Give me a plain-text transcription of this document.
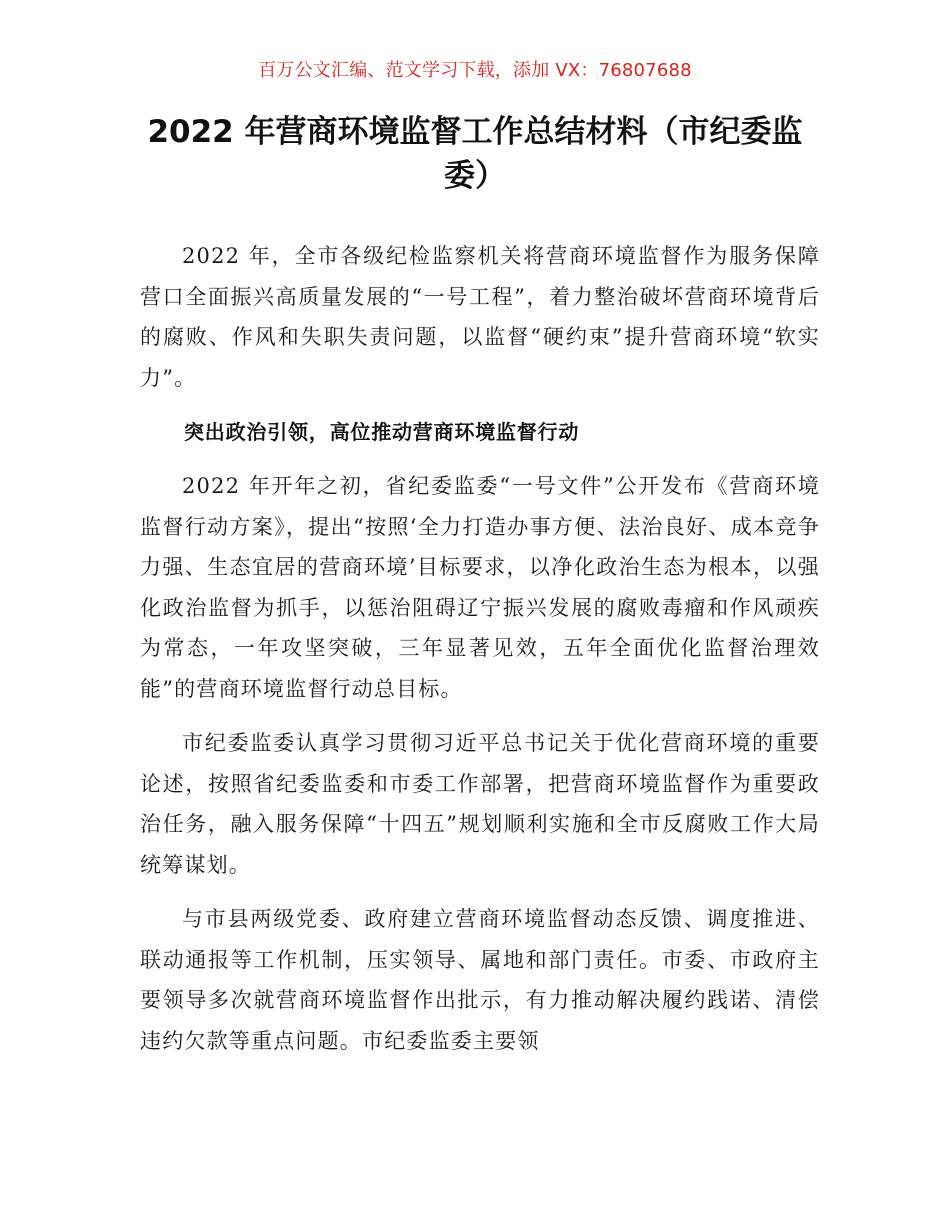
百万公文汇编、范文学习下载，添加 VX：76807688
2022 年营商环境监督工作总结材料（市纪委监委）

2022 年，全市各级纪检监察机关将营商环境监督作为服务保障营口全面振兴高质量发展的“一号工程”，着力整治破坏营商环境背后的腐败、作风和失职失责问题，以监督“硬约束”提升营商环境“软实力”。

突出政治引领，高位推动营商环境监督行动

2022 年开年之初，省纪委监委“一号文件”公开发布《营商环境监督行动方案》，提出“按照‘全力打造办事方便、法治良好、成本竞争力强、生态宜居的营商环境’目标要求，以净化政治生态为根本，以强化政治监督为抓手，以惩治阻碍辽宁振兴发展的腐败毒瘤和作风顽疾为常态，一年攻坚突破，三年显著见效，五年全面优化监督治理效能”的营商环境监督行动总目标。

市纪委监委认真学习贯彻习近平总书记关于优化营商环境的重要论述，按照省纪委监委和市委工作部署，把营商环境监督作为重要政治任务，融入服务保障“十四五”规划顺利实施和全市反腐败工作大局统筹谋划。

与市县两级党委、政府建立营商环境监督动态反馈、调度推进、联动通报等工作机制，压实领导、属地和部门责任。市委、市政府主要领导多次就营商环境监督作出批示，有力推动解决履约践诺、清偿违约欠款等重点问题。市纪委监委主要领
